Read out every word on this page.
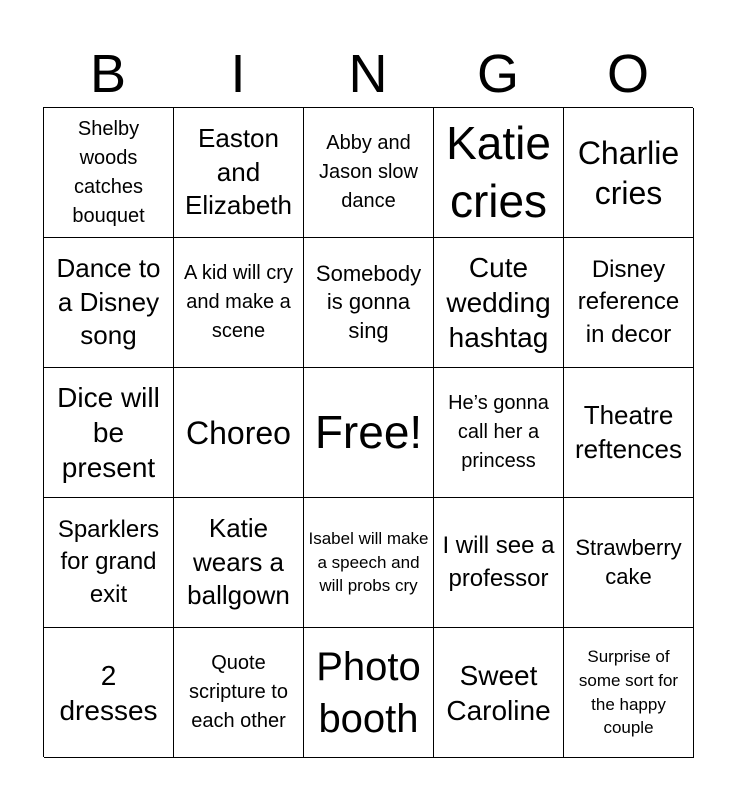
B	I	N	G	O
Shelby woods catches bouquet
Easton and Elizabeth
Abby and Jason slow dance
Katie cries
Charlie cries
Dance to a Disney song
A kid will cry and make a scene
Somebody is gonna sing
Cute wedding hashtag
Disney reference in decor
Dice will be present
Choreo Free!
He’s gonna call her a princess
Theatre reftences
Sparklers for grand exit
Katie wears a ballgown
Isabel will make a speech and will probs cry
I will see a professor
Strawberry cake
2 dresses
Quote scripture to each other
Photo booth
Sweet Caroline
Surprise of some sort for the happy couple
